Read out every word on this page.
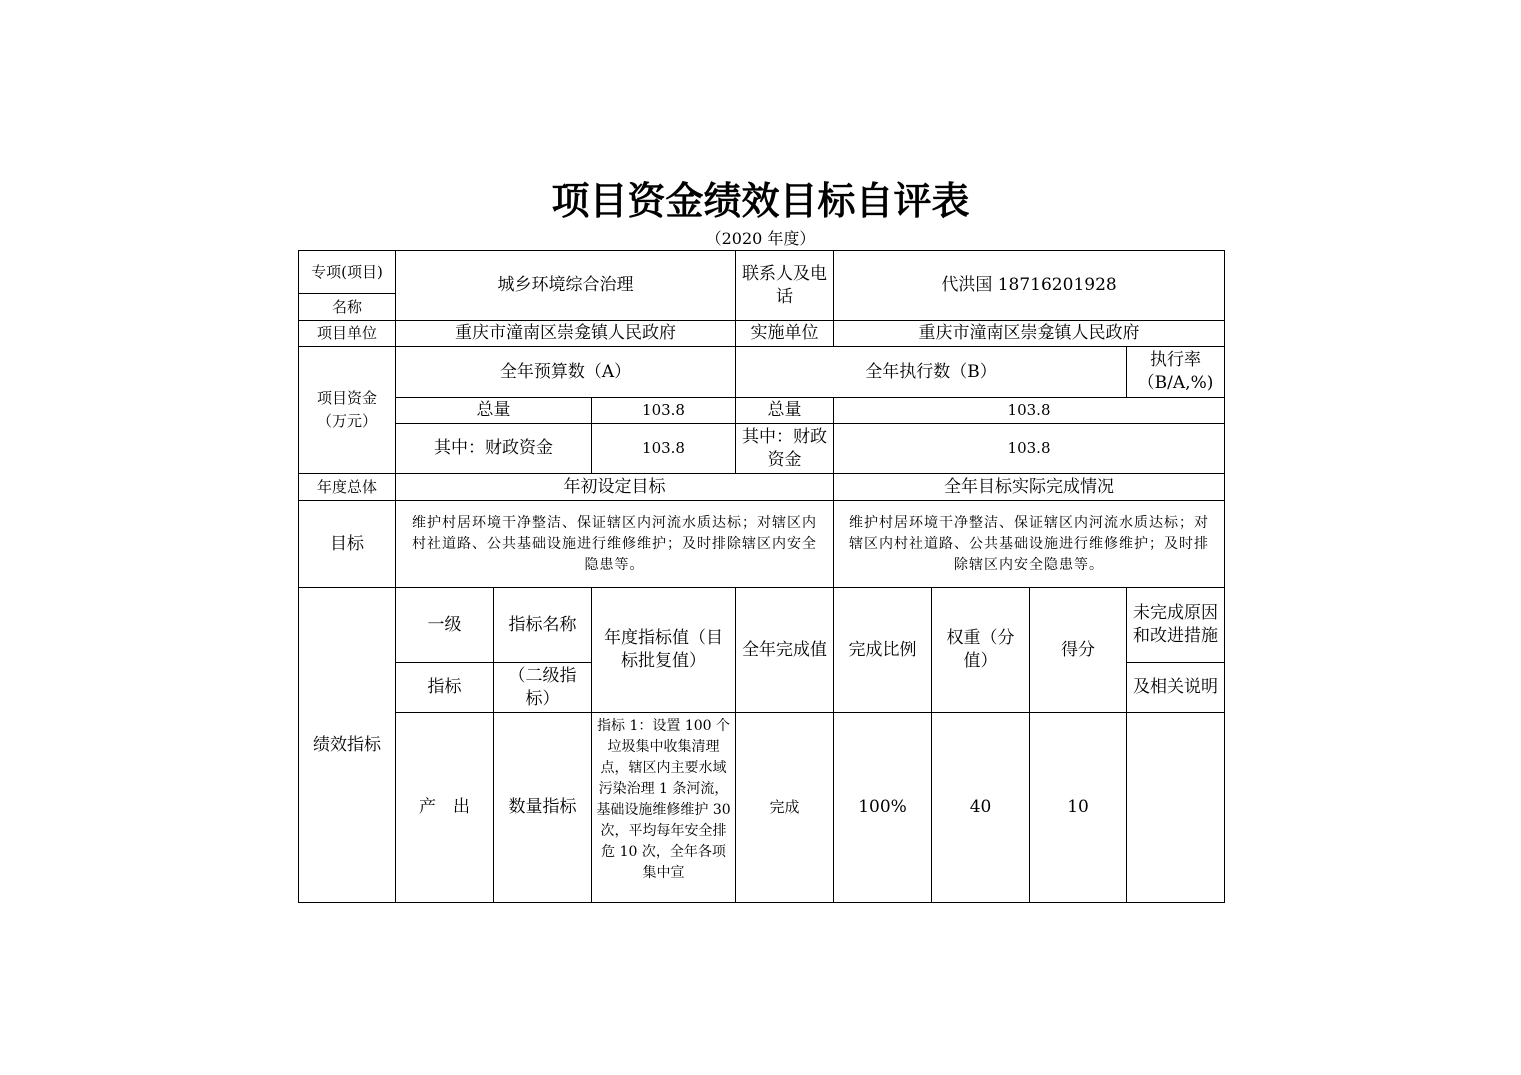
项目资金绩效目标自评表
（2020 年度）
专项(项目)	城乡环境综合治理			联系人及电话	代洪国 18716201928				
名称									
项目单位	重庆市潼南区崇龛镇人民政府			实施单位	重庆市潼南区崇龛镇人民政府				
项目资金（万元）	全年预算数（A）			全年执行数（B）				执行率（B/A,%)	
	总量		103.8	总量	103.8	
	其中：财政资金		103.8	其中：财政资金	103.8	
年度总体	年初设定目标				全年目标实际完成情况				
目标	维护村居环境干净整洁、保证辖区内河流水质达标；对辖区内村社道路、公共基础设施进行维修维护；及时排除辖区内安全隐患等。				维护村居环境干净整洁、保证辖区内河流水质达标；对辖区内村社道路、公共基础设施进行维修维护；及时排除辖区内安全隐患等。				
绩效指标	一级	指标名称	年度指标值（目标批复值）	全年完成值	完成比例	权重（分值）	得分	未完成原因和改进措施	
	指标	（二级指标）						及相关说明	
	产　出	数量指标	指标 1：设置 100 个垃圾集中收集清理点，辖区内主要水域污染治理 1 条河流，基础设施维修维护 30 次，平均每年安全排危 10 次，全年各项集中宣	完成	100%	40	10		
